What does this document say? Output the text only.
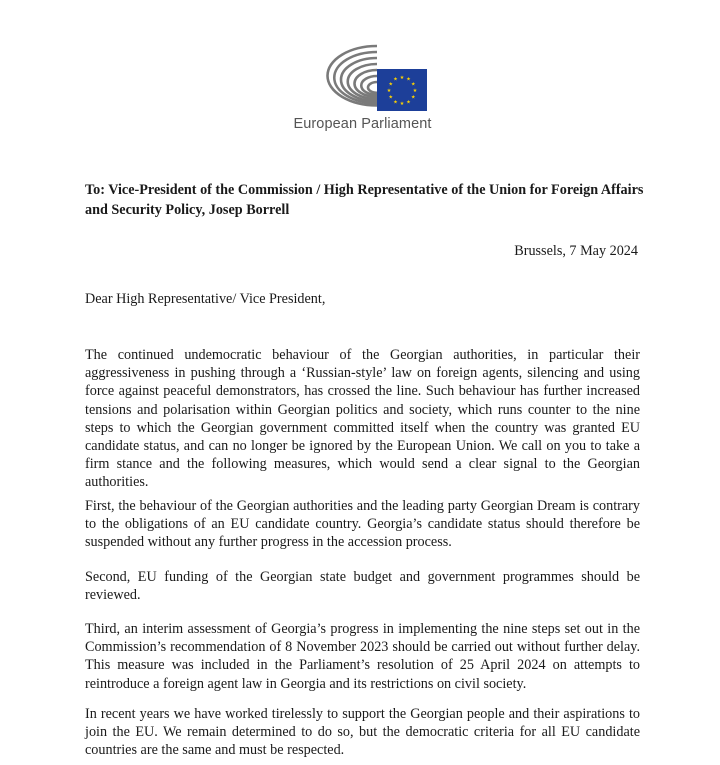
★ ★
★
★
★
★
★
★
★
★
★
★
European Parliament
To: Vice-President of the Commission / High Representative of the Union for Foreign Affairs and Security Policy, Josep Borrell
Brussels, 7 May 2024
Dear High Representative/ Vice President,
The continued undemocratic behaviour of the Georgian authorities, in particular their aggressiveness in pushing through a ‘Russian-style’ law on foreign agents, silencing and using force against peaceful demonstrators, has crossed the line. Such behaviour has further increased tensions and polarisation within Georgian politics and society, which runs counter to the nine steps to which the Georgian government committed itself when the country was granted EU candidate status, and can no longer be ignored by the European Union. We call on you to take a firm stance and the following measures, which would send a clear signal to the Georgian authorities.
First, the behaviour of the Georgian authorities and the leading party Georgian Dream is contrary to the obligations of an EU candidate country. Georgia’s candidate status should therefore be suspended without any further progress in the accession process.
Second, EU funding of the Georgian state budget and government programmes should be reviewed.
Third, an interim assessment of Georgia’s progress in implementing the nine steps set out in the Commission’s recommendation of 8 November 2023 should be carried out without further delay. This measure was included in the Parliament’s resolution of 25 April 2024 on attempts to reintroduce a foreign agent law in Georgia and its restrictions on civil society.
In recent years we have worked tirelessly to support the Georgian people and their aspirations to join the EU. We remain determined to do so, but the democratic criteria for all EU candidate countries are the same and must be respected.
